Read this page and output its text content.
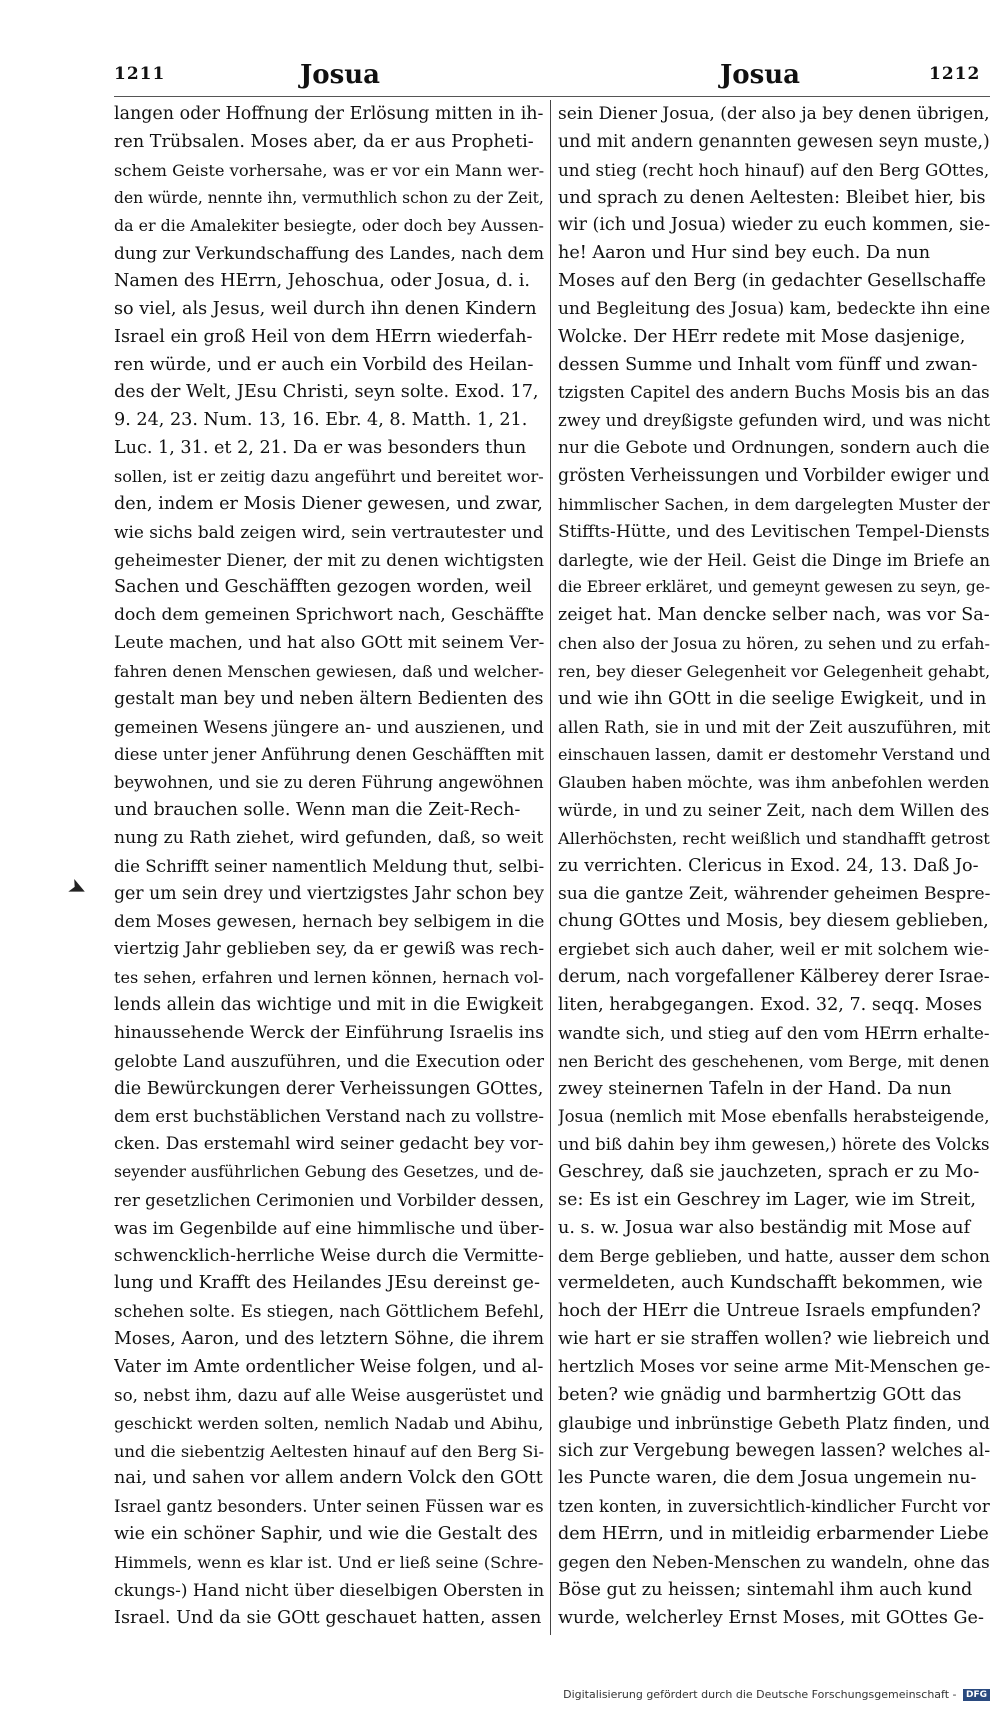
1211	Josua	Josua	1212
langen oder Hoffnung der Erlösung mitten in ih-
ren Trübsalen. Moses aber, da er aus Propheti-
schem Geiste vorhersahe, was er vor ein Mann wer-
den würde, nennte ihn, vermuthlich schon zu der Zeit,
da er die Amalekiter besiegte, oder doch bey Aussen-
dung zur Verkundschaffung des Landes, nach dem
Namen des HErrn, Jehoschua, oder Josua, d. i.
so viel, als Jesus, weil durch ihn denen Kindern
Israel ein groß Heil von dem HErrn wiederfah-
ren würde, und er auch ein Vorbild des Heilan-
des der Welt, JEsu Christi, seyn solte. Exod. 17,
9. 24, 23. Num. 13, 16. Ebr. 4, 8. Matth. 1, 21.
Luc. 1, 31. et 2, 21. Da er was besonders thun
sollen, ist er zeitig dazu angeführt und bereitet wor-
den, indem er Mosis Diener gewesen, und zwar,
wie sichs bald zeigen wird, sein vertrautester und
geheimester Diener, der mit zu denen wichtigsten
Sachen und Geschäfften gezogen worden, weil
doch dem gemeinen Sprichwort nach, Geschäffte
Leute machen, und hat also GOtt mit seinem Ver-
fahren denen Menschen gewiesen, daß und welcher-
gestalt man bey und neben ältern Bedienten des
gemeinen Wesens jüngere an- und auszienen, und
diese unter jener Anführung denen Geschäfften mit
beywohnen, und sie zu deren Führung angewöhnen
und brauchen solle. Wenn man die Zeit-Rech-
nung zu Rath ziehet, wird gefunden, daß, so weit
die Schrifft seiner namentlich Meldung thut, selbi-
ger um sein drey und viertzigstes Jahr schon bey
dem Moses gewesen, hernach bey selbigem in die
viertzig Jahr geblieben sey, da er gewiß was rech-
tes sehen, erfahren und lernen können, hernach vol-
lends allein das wichtige und mit in die Ewigkeit
hinaussehende Werck der Einführung Israelis ins
gelobte Land auszuführen, und die Execution oder
die Bewürckungen derer Verheissungen GOttes,
dem erst buchstäblichen Verstand nach zu vollstre-
cken. Das erstemahl wird seiner gedacht bey vor-
seyender ausführlichen Gebung des Gesetzes, und de-
rer gesetzlichen Cerimonien und Vorbilder dessen,
was im Gegenbilde auf eine himmlische und über-
schwencklich-herrliche Weise durch die Vermitte-
lung und Krafft des Heilandes JEsu dereinst ge-
schehen solte. Es stiegen, nach Göttlichem Befehl,
Moses, Aaron, und des letztern Söhne, die ihrem
Vater im Amte ordentlicher Weise folgen, und al-
so, nebst ihm, dazu auf alle Weise ausgerüstet und
geschickt werden solten, nemlich Nadab und Abihu,
und die siebentzig Aeltesten hinauf auf den Berg Si-
nai, und sahen vor allem andern Volck den GOtt
Israel gantz besonders. Unter seinen Füssen war es
wie ein schöner Saphir, und wie die Gestalt des
Himmels, wenn es klar ist. Und er ließ seine (Schre-
ckungs-) Hand nicht über dieselbigen Obersten in
Israel. Und da sie GOtt geschauet hatten, assen
sein Diener Josua, (der also ja bey denen übrigen,
und mit andern genannten gewesen seyn muste,)
und stieg (recht hoch hinauf) auf den Berg GOttes,
und sprach zu denen Aeltesten: Bleibet hier, bis
wir (ich und Josua) wieder zu euch kommen, sie-
he! Aaron und Hur sind bey euch. Da nun
Moses auf den Berg (in gedachter Gesellschaffe
und Begleitung des Josua) kam, bedeckte ihn eine
Wolcke. Der HErr redete mit Mose dasjenige,
dessen Summe und Inhalt vom fünff und zwan-
tzigsten Capitel des andern Buchs Mosis bis an das
zwey und dreyßigste gefunden wird, und was nicht
nur die Gebote und Ordnungen, sondern auch die
grösten Verheissungen und Vorbilder ewiger und
himmlischer Sachen, in dem dargelegten Muster der
Stiffts-Hütte, und des Levitischen Tempel-Diensts
darlegte, wie der Heil. Geist die Dinge im Briefe an
die Ebreer erkläret, und gemeynt gewesen zu seyn, ge-
zeiget hat. Man dencke selber nach, was vor Sa-
chen also der Josua zu hören, zu sehen und zu erfah-
ren, bey dieser Gelegenheit vor Gelegenheit gehabt,
und wie ihn GOtt in die seelige Ewigkeit, und in
allen Rath, sie in und mit der Zeit auszuführen, mit
einschauen lassen, damit er destomehr Verstand und
Glauben haben möchte, was ihm anbefohlen werden
würde, in und zu seiner Zeit, nach dem Willen des
Allerhöchsten, recht weißlich und standhafft getrost
zu verrichten. Clericus in Exod. 24, 13. Daß Jo-
sua die gantze Zeit, währender geheimen Bespre-
chung GOttes und Mosis, bey diesem geblieben,
ergiebet sich auch daher, weil er mit solchem wie-
derum, nach vorgefallener Kälberey derer Israe-
liten, herabgegangen. Exod. 32, 7. seqq. Moses
wandte sich, und stieg auf den vom HErrn erhalte-
nen Bericht des geschehenen, vom Berge, mit denen
zwey steinernen Tafeln in der Hand. Da nun
Josua (nemlich mit Mose ebenfalls herabsteigende,
und biß dahin bey ihm gewesen,) hörete des Volcks
Geschrey, daß sie jauchzeten, sprach er zu Mo-
se: Es ist ein Geschrey im Lager, wie im Streit,
u. s. w. Josua war also beständig mit Mose auf
dem Berge geblieben, und hatte, ausser dem schon
vermeldeten, auch Kundschafft bekommen, wie
hoch der HErr die Untreue Israels empfunden?
wie hart er sie straffen wollen? wie liebreich und
hertzlich Moses vor seine arme Mit-Menschen ge-
beten? wie gnädig und barmhertzig GOtt das
glaubige und inbrünstige Gebeth Platz finden, und
sich zur Vergebung bewegen lassen? welches al-
les Puncte waren, die dem Josua ungemein nu-
tzen konten, in zuversichtlich-kindlicher Furcht vor
dem HErrn, und in mitleidig erbarmender Liebe
gegen den Neben-Menschen zu wandeln, ohne das
Böse gut zu heissen; sintemahl ihm auch kund
wurde, welcherley Ernst Moses, mit GOttes Ge-
➤
Digitalisierung gefördert durch die Deutsche Forschungsgemeinschaft - DFG
